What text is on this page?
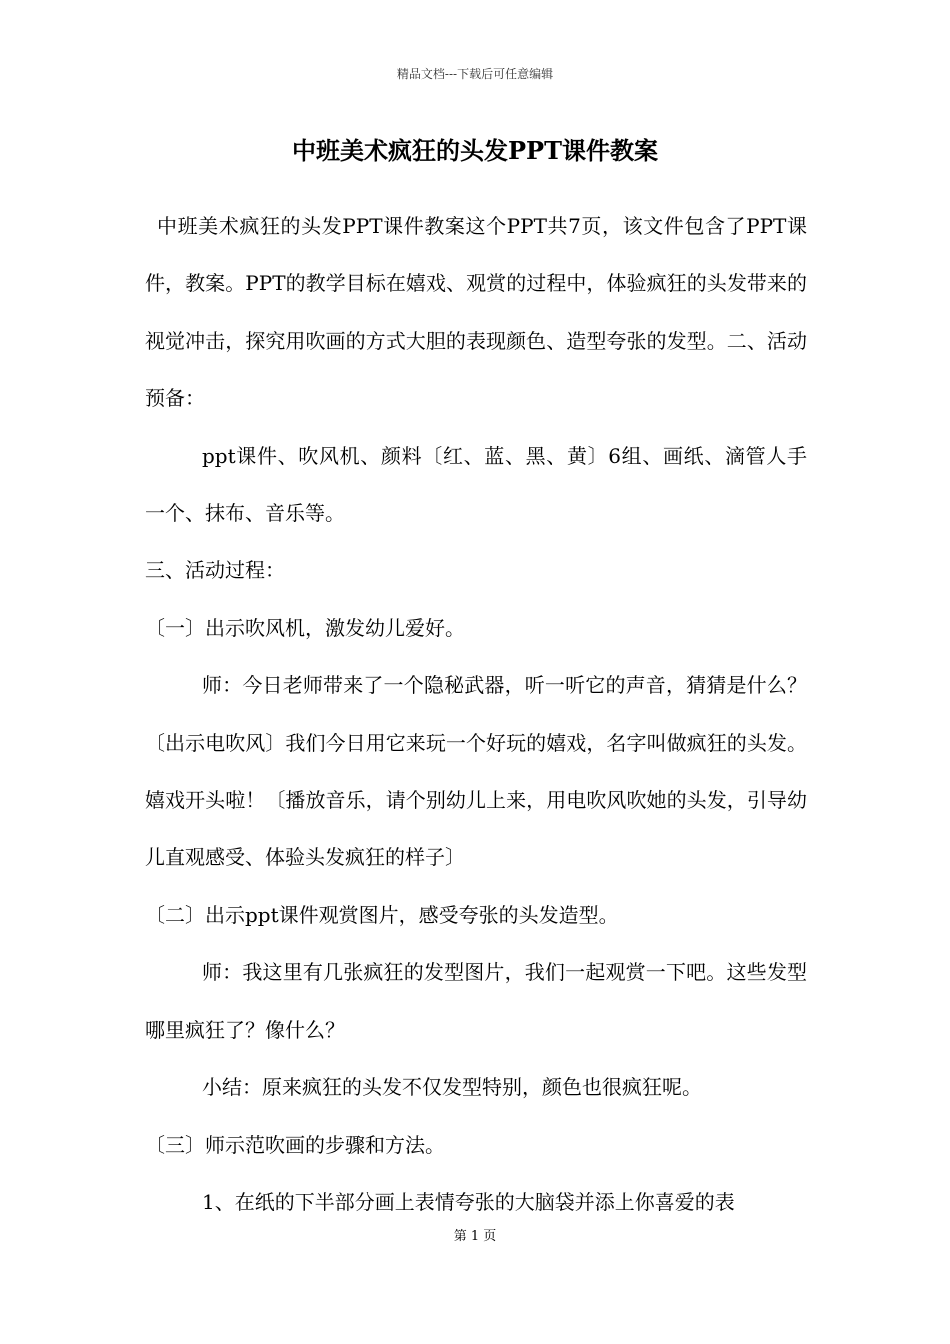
精品文档---下载后可任意编辑
中班美术疯狂的头发PPT课件教案

中班美术疯狂的头发PPT课件教案这个PPT共7页，该文件包含了PPT课件，教案。PPT的教学目标在嬉戏、观赏的过程中，体验疯狂的头发带来的视觉冲击，探究用吹画的方式大胆的表现颜色、造型夸张的发型。二、活动预备：

ppt课件、吹风机、颜料〔红、蓝、黑、黄〕6组、画纸、滴管人手一个、抹布、音乐等。

三、活动过程：

〔一〕出示吹风机，激发幼儿爱好。

师：今日老师带来了一个隐秘武器，听一听它的声音，猜猜是什么？〔出示电吹风〕我们今日用它来玩一个好玩的嬉戏，名字叫做疯狂的头发。嬉戏开头啦！〔播放音乐，请个别幼儿上来，用电吹风吹她的头发，引导幼儿直观感受、体验头发疯狂的样子〕

〔二〕出示ppt课件观赏图片，感受夸张的头发造型。

师：我这里有几张疯狂的发型图片，我们一起观赏一下吧。这些发型哪里疯狂了？像什么？

小结：原来疯狂的头发不仅发型特别，颜色也很疯狂呢。

〔三〕师示范吹画的步骤和方法。

1、在纸的下半部分画上表情夸张的大脑袋并添上你喜爱的表

第 1 页
